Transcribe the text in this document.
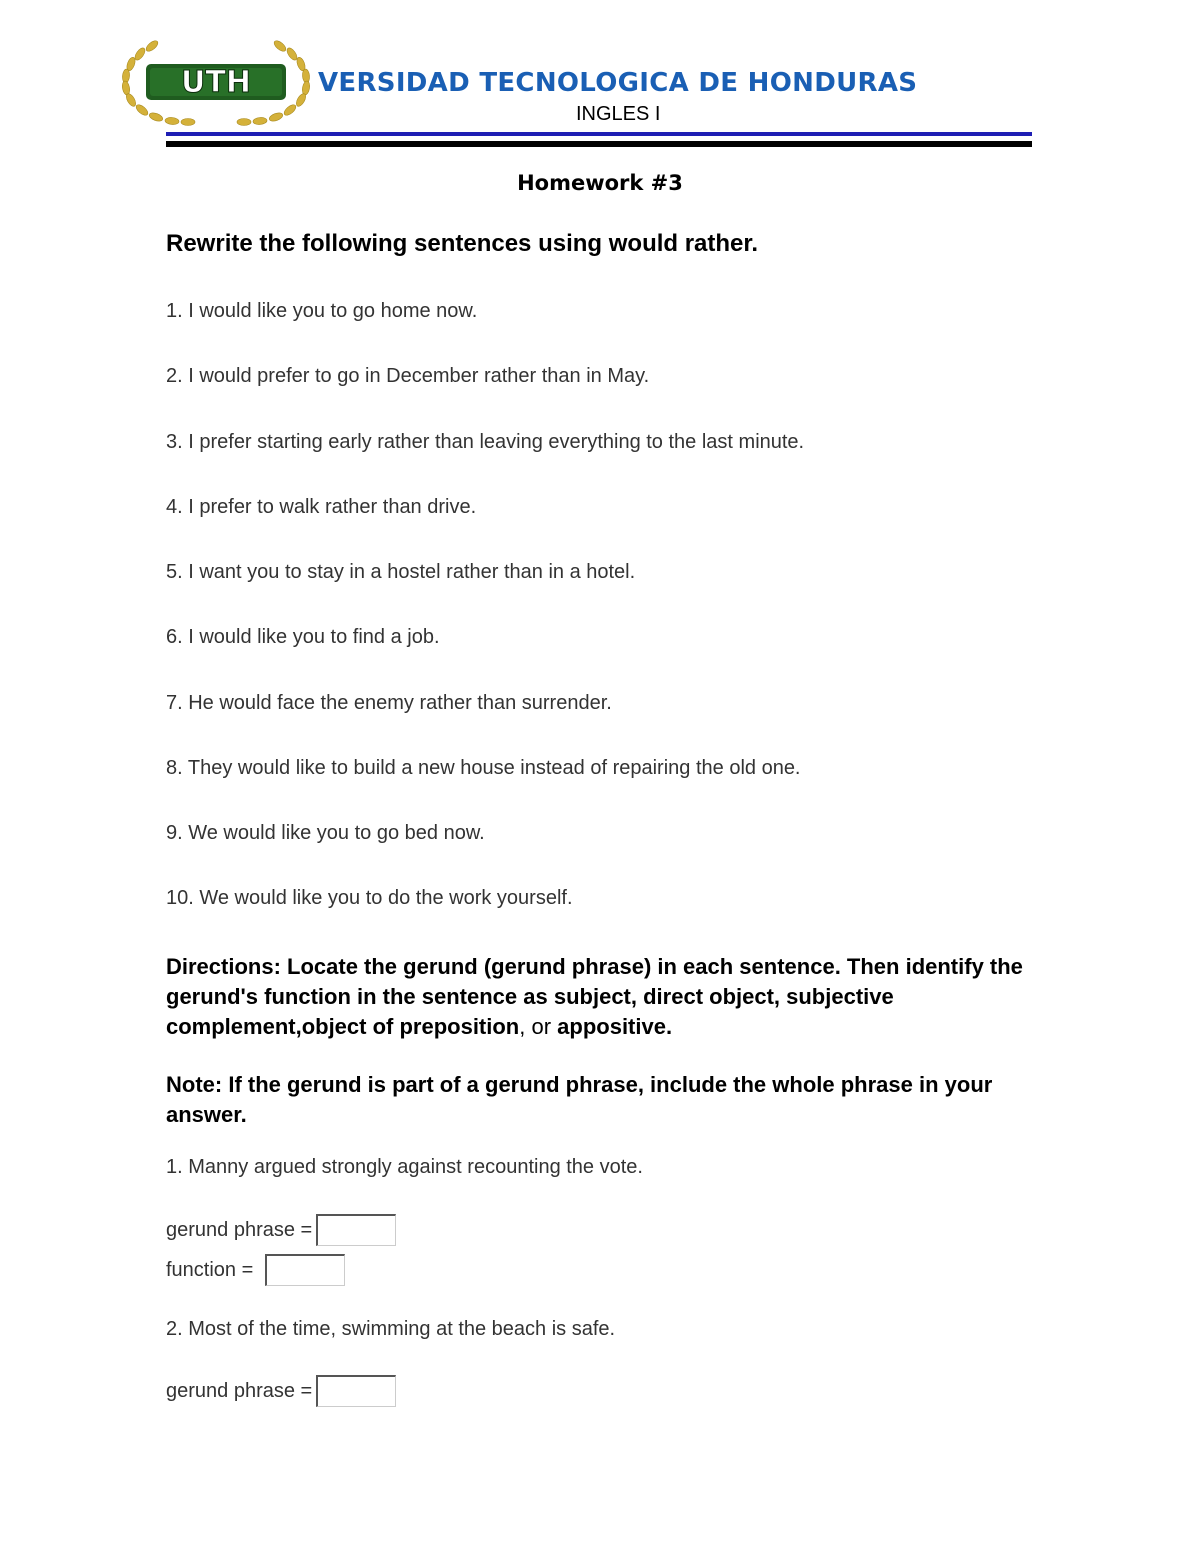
UTH	VERSIDAD TECNOLOGICA DE HONDURAS
INGLES I
Homework #3
Rewrite the following sentences using would rather.
1. I would like you to go home now.
2. I would prefer to go in December rather than in May.
3. I prefer starting early rather than leaving everything to the last minute.
4. I prefer to walk rather than drive.
5. I want you to stay in a hostel rather than in a hotel.
6. I would like you to find a job.
7. He would face the enemy rather than surrender.
8. They would like to build a new house instead of repairing the old one.
9. We would like you to go bed now.
10. We would like you to do the work yourself.
Directions: Locate the gerund (gerund phrase) in each sentence. Then identify the gerund's function in the sentence as subject, direct object, subjective complement,object of preposition, or appositive.
Note: If the gerund is part of a gerund phrase, include the whole phrase in your answer.
1. Manny argued strongly against recounting the vote.
gerund phrase =
function =
2. Most of the time, swimming at the beach is safe.
gerund phrase =
